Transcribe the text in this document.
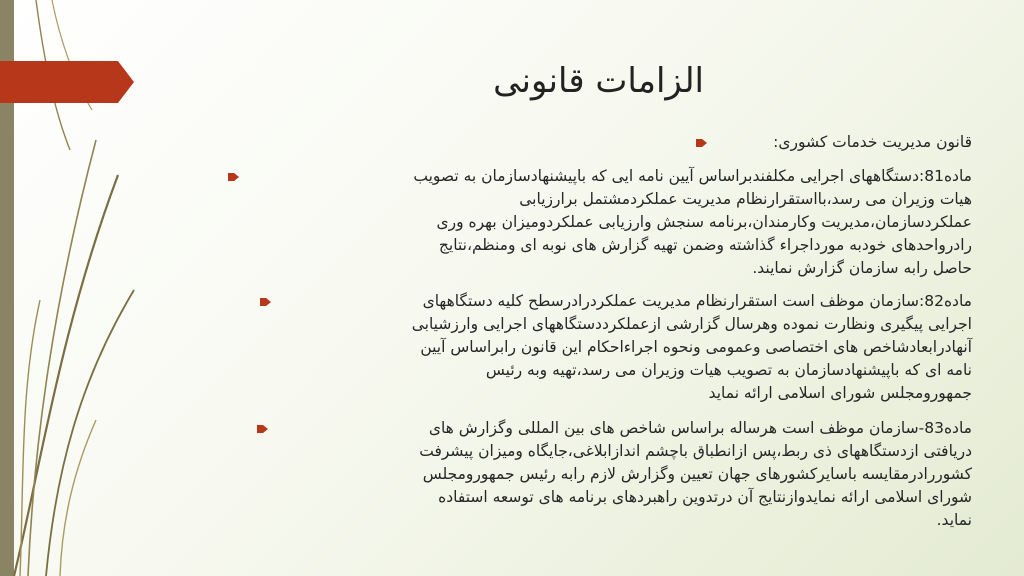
الزامات قانونی

قانون مدیریت خدمات کشوری:

ماده81:دستگاههای اجرایی مکلفندبراساس آیین نامه ایی که باپیشنهادسازمان به تصویب
هیات وزیران می رسد،بااستقرارنظام مدیریت عملکردمشتمل برارزیابی
عملکردسازمان،مدیریت وکارمندان،برنامه سنجش وارزیابی عملکردومیزان بهره وری
رادرواحدهای خودبه مورداجراء گذاشته وضمن تهیه گزارش های نوبه ای ومنظم،نتایج
حاصل رابه سازمان گزارش نمایند.

ماده82:سازمان موظف است استقرارنظام مدیریت عملکردرادرسطح کلیه دستگاههای
اجرایی پیگیری ونظارت نموده وهرسال گزارشی ازعملکرددستگاههای اجرایی وارزشیابی
آنهادرابعادشاخص های اختصاصی وعمومی ونحوه اجراءاحکام این قانون رابراساس آیین
نامه ای که باپیشنهادسازمان به تصویب هیات وزیران می رسد،تهیه وبه رئیس
جمهورومجلس شورای اسلامی ارائه نماید

ماده83-سازمان موظف است هرساله براساس شاخص های بین المللی وگزارش های
دریافتی ازدستگاههای ذی ربط،پس ازانطباق باچشم اندازابلاغی،جایگاه ومیزان پیشرفت
کشوررادرمقایسه باسایرکشورهای جهان تعیین وگزارش لازم رابه رئیس جمهورومجلس
شورای اسلامی ارائه نمایدوازنتایج آن درتدوین راهبردهای برنامه های توسعه استفاده
نماید.
